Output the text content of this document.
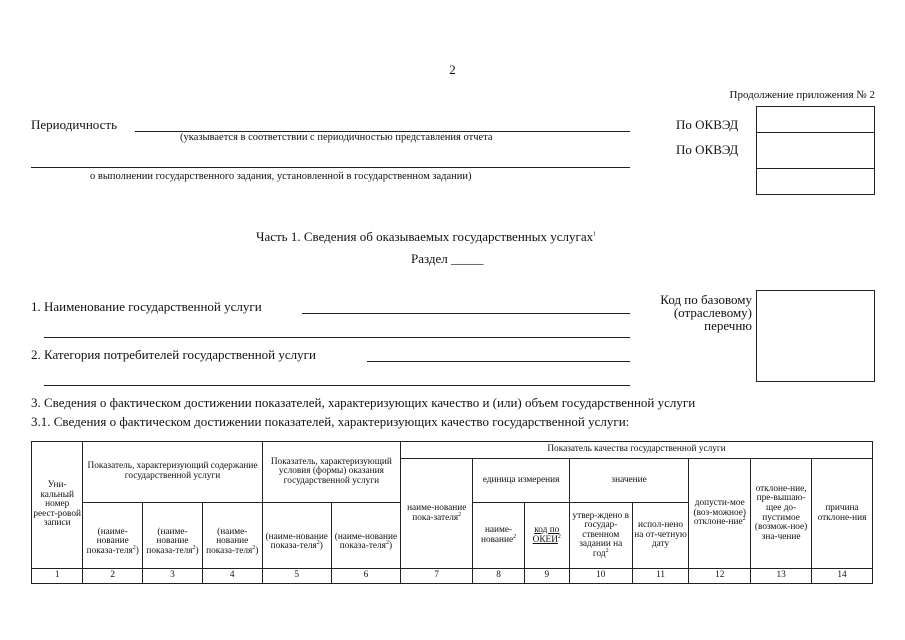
2
Продолжение приложения № 2
Периодичность
(указывается в соответствии с периодичностью представления отчета
о выполнении государственного задания, установленной в государственном задании)
По ОКВЭД
По ОКВЭД
Часть 1. Сведения об оказываемых государственных услугах$^1$
Раздел _____
1. Наименование государственной услуги	Код по базовому
(отраслевому)
перечню
2. Категория потребителей государственной услуги
3. Сведения о фактическом достижении показателей, характеризующих качество и (или) объем государственной услуги
3.1. Сведения о фактическом достижении показателей, характеризующих качество государственной услуги:
Уни-кальный номер реест-ровой записи	Показатель, характеризующий содержание государственной услуги			Показатель, характеризующий условия (формы) оказания государственной услуги		Показатель качества государственной услуги							
						наиме-нование пока-зателя$^2$	единица измерения		значение		допусти-мое (воз-можное) отклоне-ние$^2$	отклоне-ние, пре-вышаю-щее до-пустимое (возмож-ное) зна-чение	причина отклоне-ния
							наиме-нование$^2$	код по ОКЕИ$^2$	утвер-ждено в государ-ственном задании на год$^2$	испол-нено на от-четную дату			
	(наиме-нование показа-теля$^2$)	(наиме-нование показа-теля$^2$)	(наиме-нование показа-теля$^2$)	(наиме-нование показа-теля$^2$)	(наиме-нование показа-теля$^2$)								
1	2	3	4	5	6	7	8	9	10	11	12	13	14
